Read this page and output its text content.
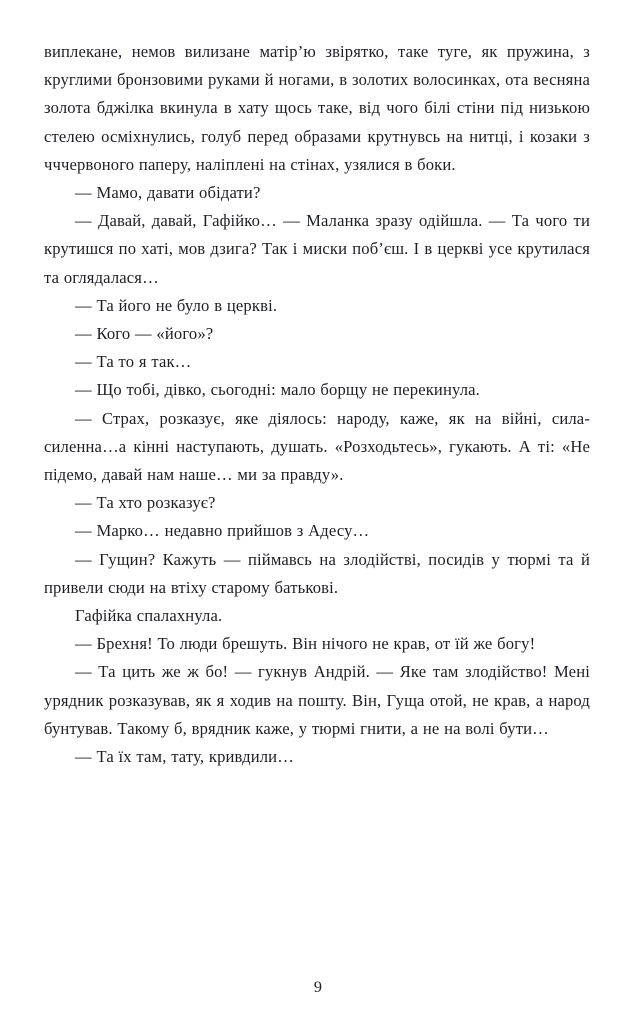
виплекане, немов вилизане матір’ю звірятко, таке туге, як пружина, з круглими бронзовими руками й ногами, в золотих волосинках, ота весняна золота бджілка вкинула в хату щось таке, від чого білі стіни під низькою стелею осміхнулись, голуб перед образами крутнувсь на нитці, і козаки з чччервоного паперу, наліплені на стінах, узялися в боки.

— Мамо, давати обідати?

— Давай, давай, Гафійко… — Маланка зразу одійшла. — Та чого ти крутишся по хаті, мов дзига? Так і миски поб’єш. І в церкві усе крутилася та оглядалася…

— Та його не було в церкві.

— Кого — «його»?

— Та то я так…

— Що тобі, дівко, сьогодні: мало борщу не перекинула.

— Страх, розказує, яке діялось: народу, каже, як на війні, сила-силенна…а кінні наступають, душать. «Розходьтесь», гукають. А ті: «Не підемо, давай нам наше… ми за правду».

— Та хто розказує?

— Марко… недавно прийшов з Адесу…

— Гущин? Кажуть — піймавсь на злодійстві, посидів у тюрмі та й привели сюди на втіху старому батькові.

Гафійка спалахнула.

— Брехня! То люди брешуть. Він нічого не крав, от їй же богу!

— Та цить же ж бо! — гукнув Андрій. — Яке там злодійство! Мені урядник розказував, як я ходив на пошту. Він, Гуща отой, не крав, а народ бунтував. Такому б, врядник каже, у тюрмі гнити, а не на волі бути…

— Та їх там, тату, кривдили…

9
